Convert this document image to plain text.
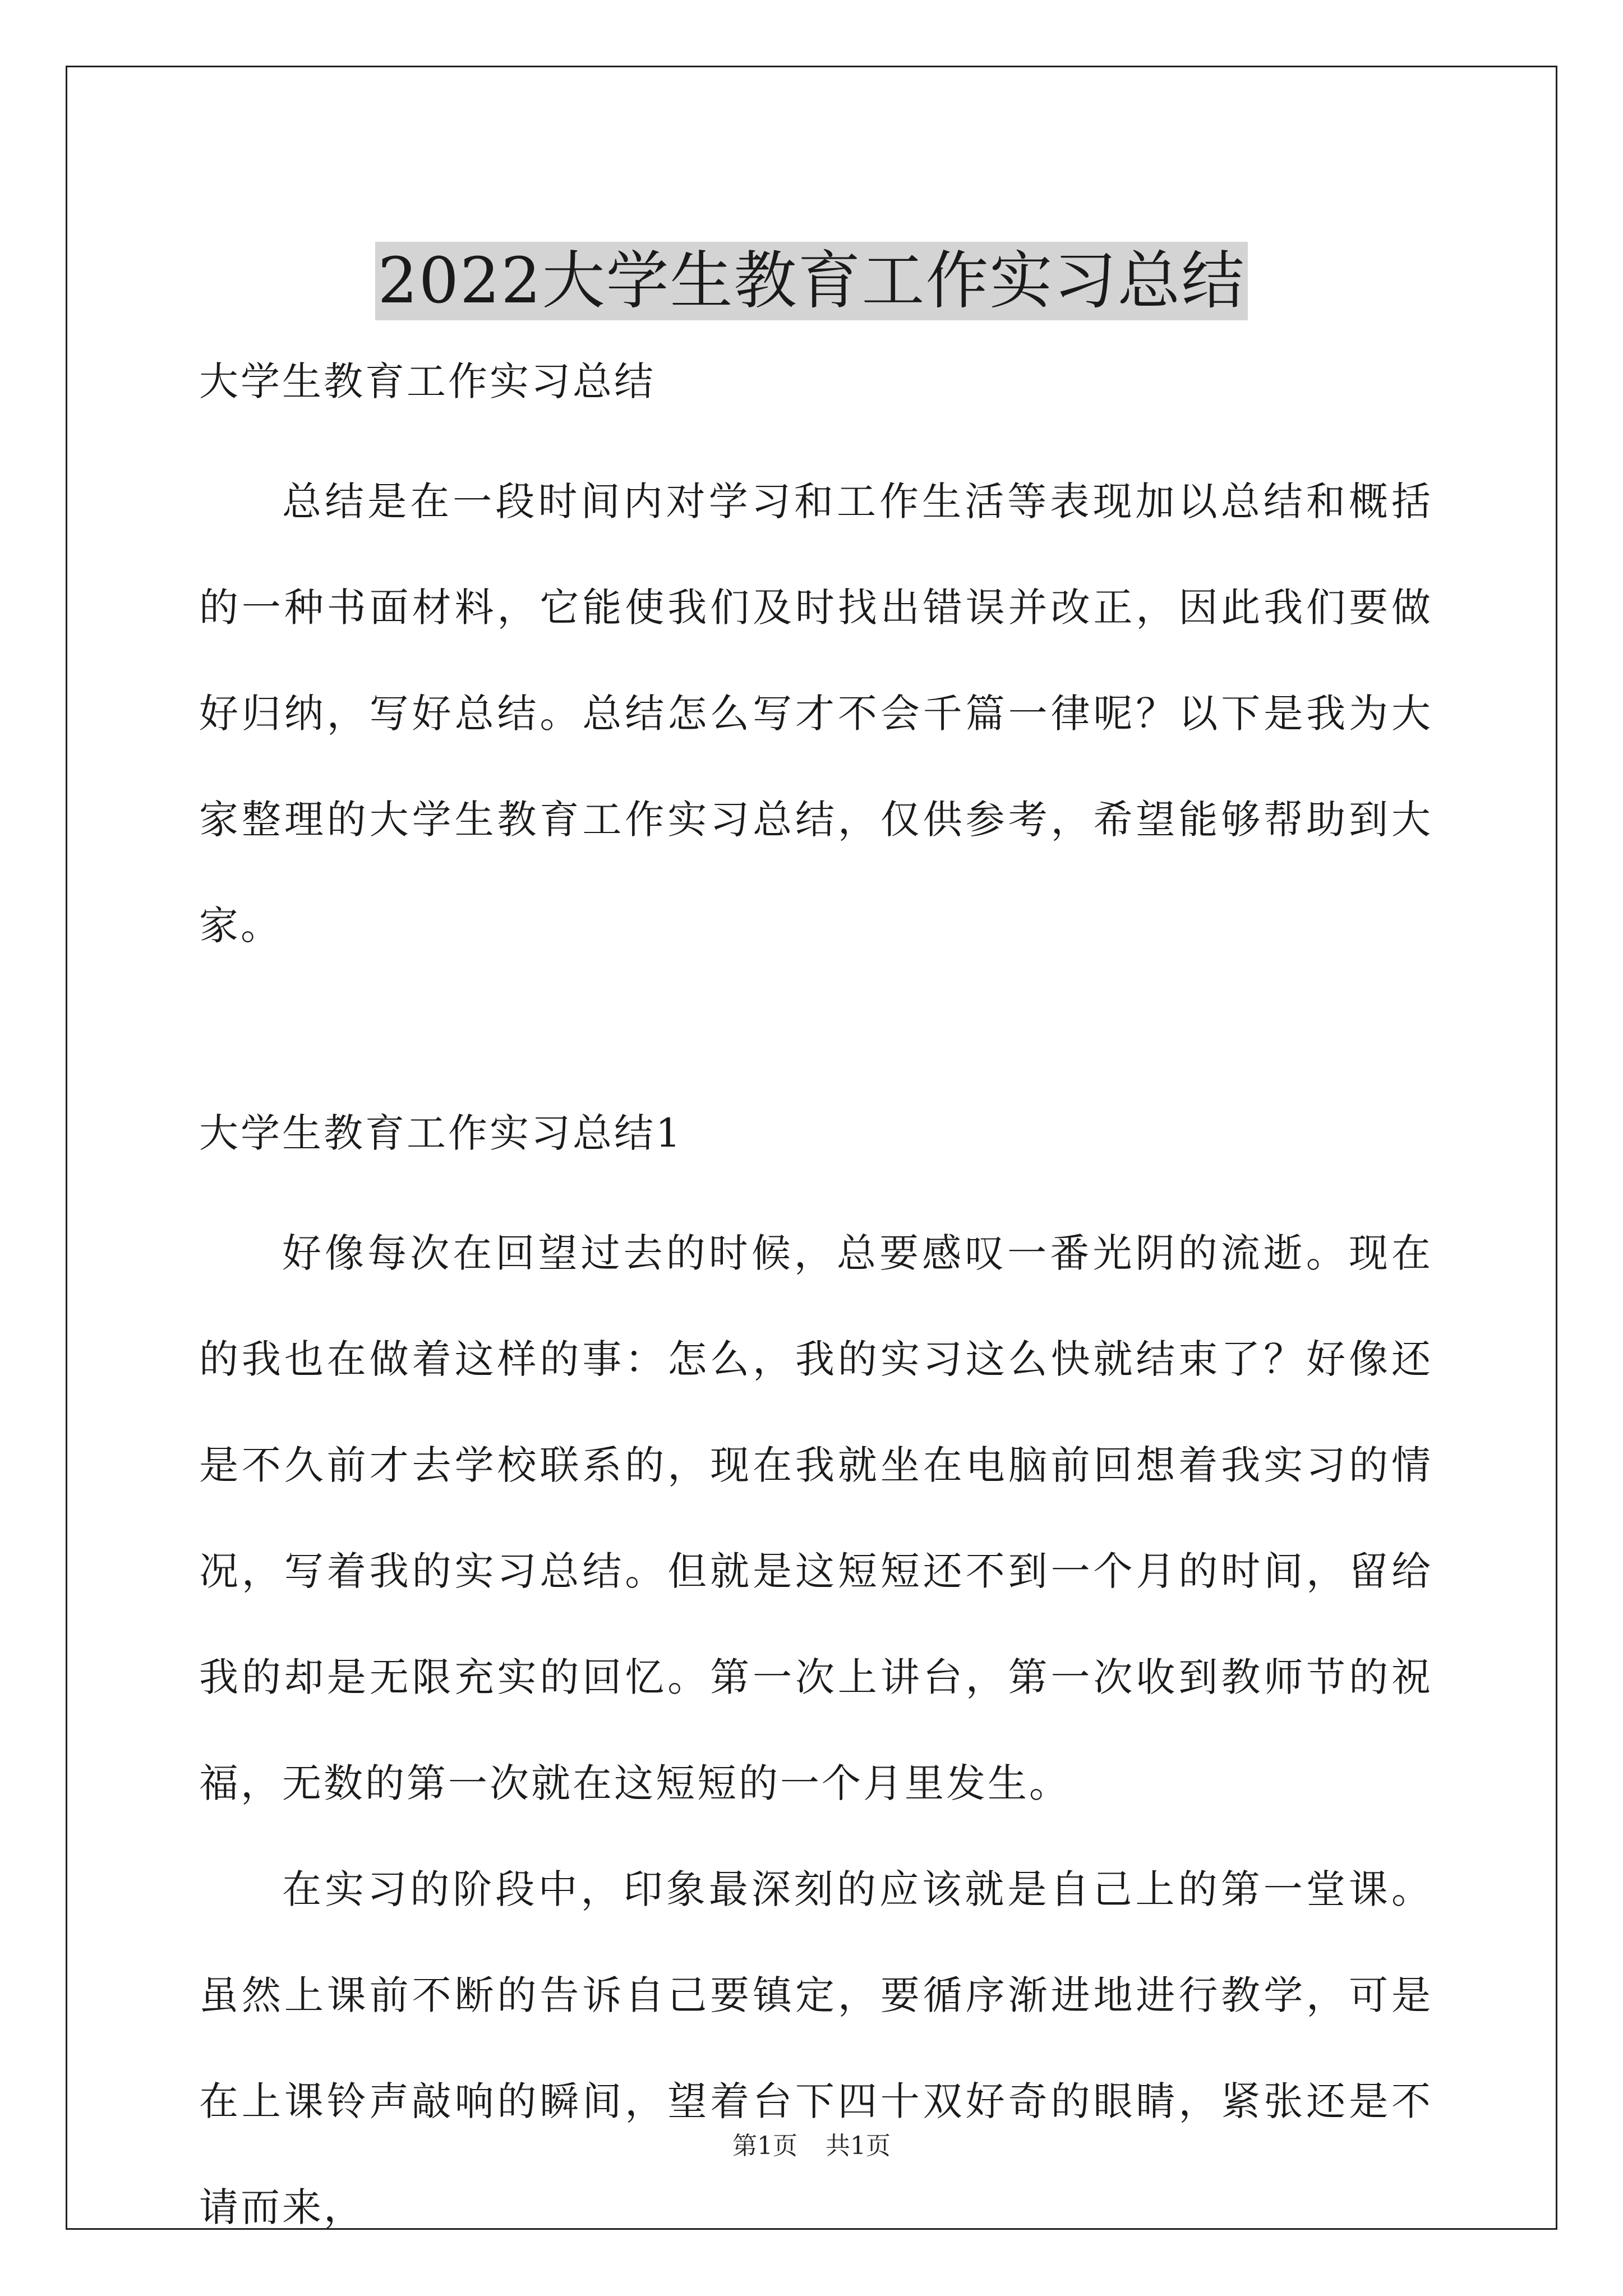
2022大学生教育工作实习总结

大学生教育工作实习总结

总结是在一段时间内对学习和工作生活等表现加以总结和概括的一种书面材料，它能使我们及时找出错误并改正，因此我们要做好归纳，写好总结。总结怎么写才不会千篇一律呢？以下是我为大家整理的大学生教育工作实习总结，仅供参考，希望能够帮助到大家。

大学生教育工作实习总结1

好像每次在回望过去的时候，总要感叹一番光阴的流逝。现在的我也在做着这样的事：怎么，我的实习这么快就结束了？好像还是不久前才去学校联系的，现在我就坐在电脑前回想着我实习的情况，写着我的实习总结。但就是这短短还不到一个月的时间，留给我的却是无限充实的回忆。第一次上讲台，第一次收到教师节的祝福，无数的第一次就在这短短的一个月里发生。

在实习的阶段中，印象最深刻的应该就是自己上的第一堂课。虽然上课前不断的告诉自己要镇定，要循序渐进地进行教学，可是在上课铃声敲响的瞬间，望着台下四十双好奇的眼睛，紧张还是不请而来，

第1页 共1页
